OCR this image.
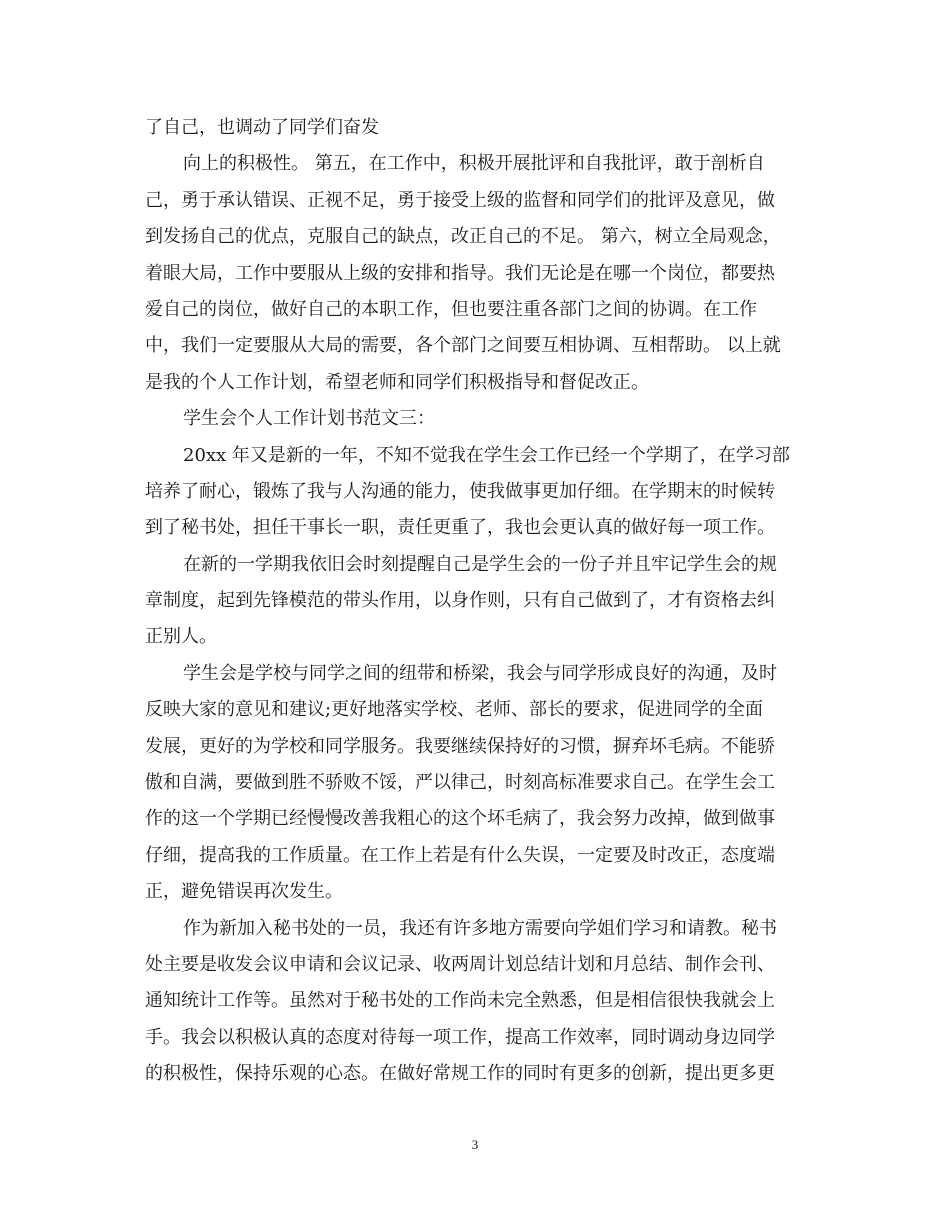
了自己，也调动了同学们奋发
向上的积极性。 第五，在工作中，积极开展批评和自我批评，敢于剖析自
己，勇于承认错误、正视不足，勇于接受上级的监督和同学们的批评及意见，做
到发扬自己的优点，克服自己的缺点，改正自己的不足。 第六，树立全局观念，
着眼大局，工作中要服从上级的安排和指导。我们无论是在哪一个岗位，都要热
爱自己的岗位，做好自己的本职工作，但也要注重各部门之间的协调。在工作
中，我们一定要服从大局的需要，各个部门之间要互相协调、互相帮助。 以上就
是我的个人工作计划，希望老师和同学们积极指导和督促改正。
学生会个人工作计划书范文三：
20xx 年又是新的一年，不知不觉我在学生会工作已经一个学期了，在学习部
培养了耐心，锻炼了我与人沟通的能力，使我做事更加仔细。在学期末的时候转
到了秘书处，担任干事长一职，责任更重了，我也会更认真的做好每一项工作。
在新的一学期我依旧会时刻提醒自己是学生会的一份子并且牢记学生会的规
章制度，起到先锋模范的带头作用，以身作则，只有自己做到了，才有资格去纠
正别人。
学生会是学校与同学之间的纽带和桥梁，我会与同学形成良好的沟通，及时
反映大家的意见和建议;更好地落实学校、老师、部长的要求，促进同学的全面
发展，更好的为学校和同学服务。我要继续保持好的习惯，摒弃坏毛病。不能骄
傲和自满，要做到胜不骄败不馁，严以律己，时刻高标准要求自己。在学生会工
作的这一个学期已经慢慢改善我粗心的这个坏毛病了，我会努力改掉，做到做事
仔细，提高我的工作质量。在工作上若是有什么失误，一定要及时改正，态度端
正，避免错误再次发生。
作为新加入秘书处的一员，我还有许多地方需要向学姐们学习和请教。秘书
处主要是收发会议申请和会议记录、收两周计划总结计划和月总结、制作会刊、
通知统计工作等。虽然对于秘书处的工作尚未完全熟悉，但是相信很快我就会上
手。我会以积极认真的态度对待每一项工作，提高工作效率，同时调动身边同学
的积极性，保持乐观的心态。在做好常规工作的同时有更多的创新，提出更多更
3
